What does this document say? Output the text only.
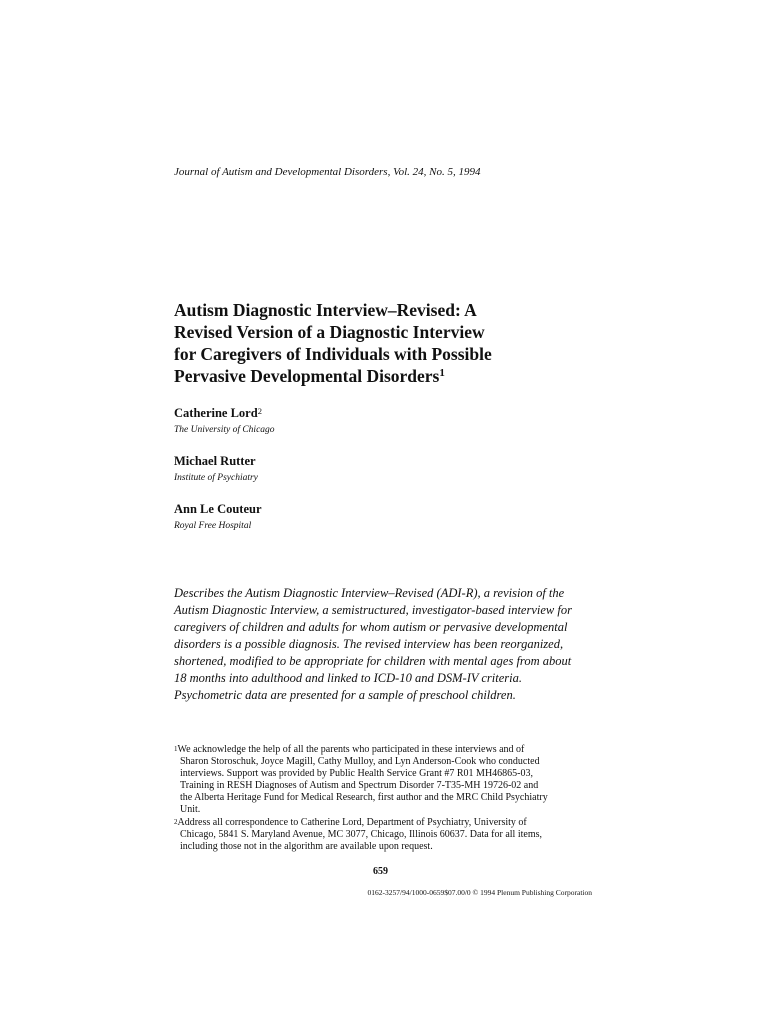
Journal of Autism and Developmental Disorders, Vol. 24, No. 5, 1994
Autism Diagnostic Interview–Revised: A
Revised Version of a Diagnostic Interview
for Caregivers of Individuals with Possible
Pervasive Developmental Disorders$^1$
Catherine Lord$^2$
The University of Chicago
Michael Rutter
Institute of Psychiatry
Ann Le Couteur
Royal Free Hospital
Describes the Autism Diagnostic Interview–Revised (ADI-R), a revision of the
Autism Diagnostic Interview, a semistructured, investigator-based interview for
caregivers of children and adults for whom autism or pervasive developmental
disorders is a possible diagnosis. The revised interview has been reorganized,
shortened, modified to be appropriate for children with mental ages from about
18 months into adulthood and linked to ICD-10 and DSM-IV criteria.
Psychometric data are presented for a sample of preschool children.
$^1$We acknowledge the help of all the parents who participated in these interviews and of
Sharon Storoschuk, Joyce Magill, Cathy Mulloy, and Lyn Anderson-Cook who conducted
interviews. Support was provided by Public Health Service Grant #7 R01 MH46865-03,
Training in RESH Diagnoses of Autism and Spectrum Disorder 7-T35-MH 19726-02 and
the Alberta Heritage Fund for Medical Research, first author and the MRC Child Psychiatry
Unit.
$^2$Address all correspondence to Catherine Lord, Department of Psychiatry, University of
Chicago, 5841 S. Maryland Avenue, MC 3077, Chicago, Illinois 60637. Data for all items,
including those not in the algorithm are available upon request.
659
0162-3257/94/1000-0659$07.00/0 © 1994 Plenum Publishing Corporation
